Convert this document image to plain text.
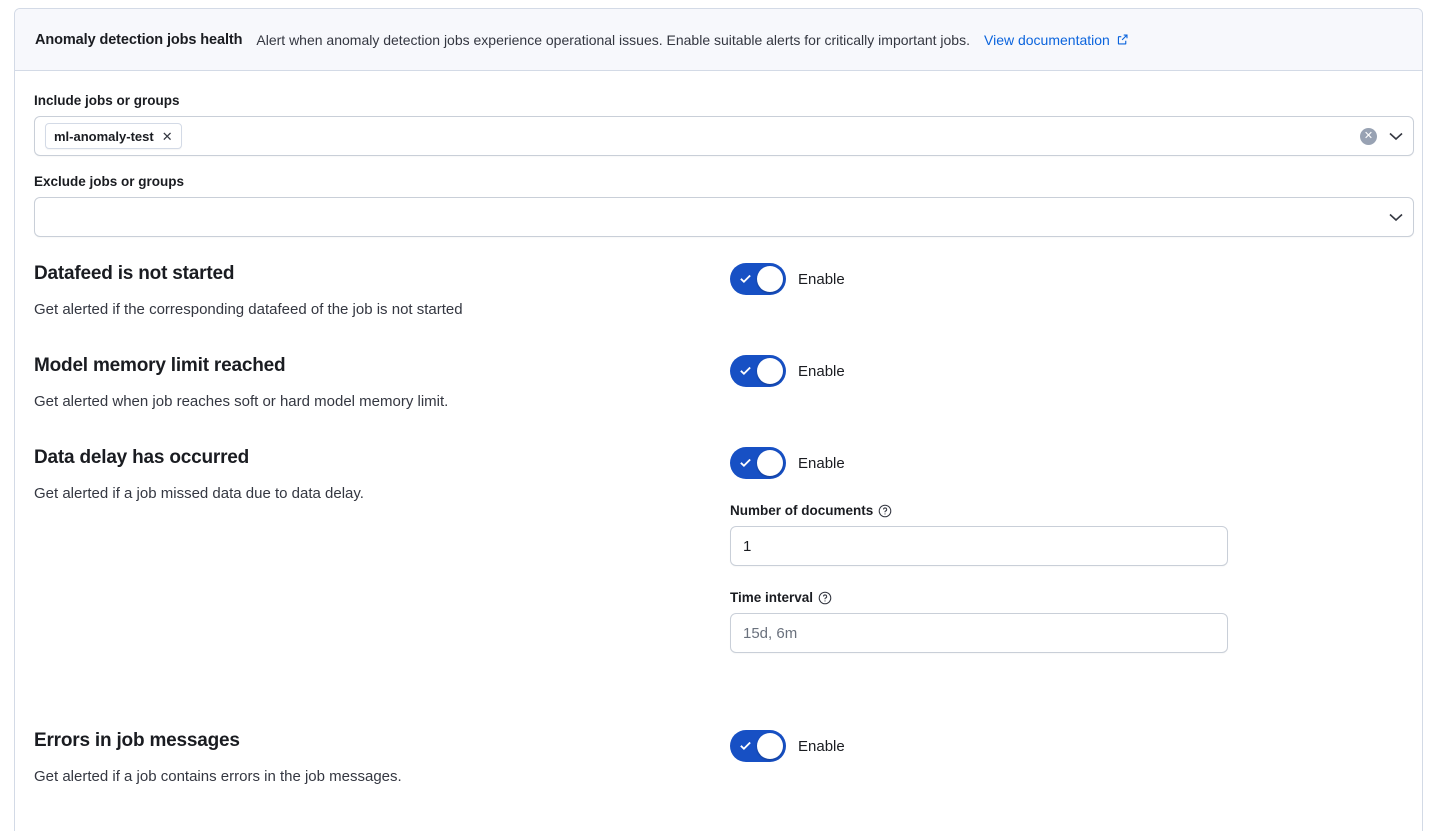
Anomaly detection jobs health Alert when anomaly detection jobs experience operational issues. Enable suitable alerts for critically important jobs. View documentation
Include jobs or groups
ml-anomaly-test ✕	✕
Exclude jobs or groups
Datafeed is not started
Get alerted if the corresponding datafeed of the job is not started
Enable
Model memory limit reached
Get alerted when job reaches soft or hard model memory limit.
Enable
Data delay has occurred
Get alerted if a job missed data due to data delay.
Enable
Number of documents
1
Time interval
15d, 6m
Errors in job messages
Get alerted if a job contains errors in the job messages.
Enable
